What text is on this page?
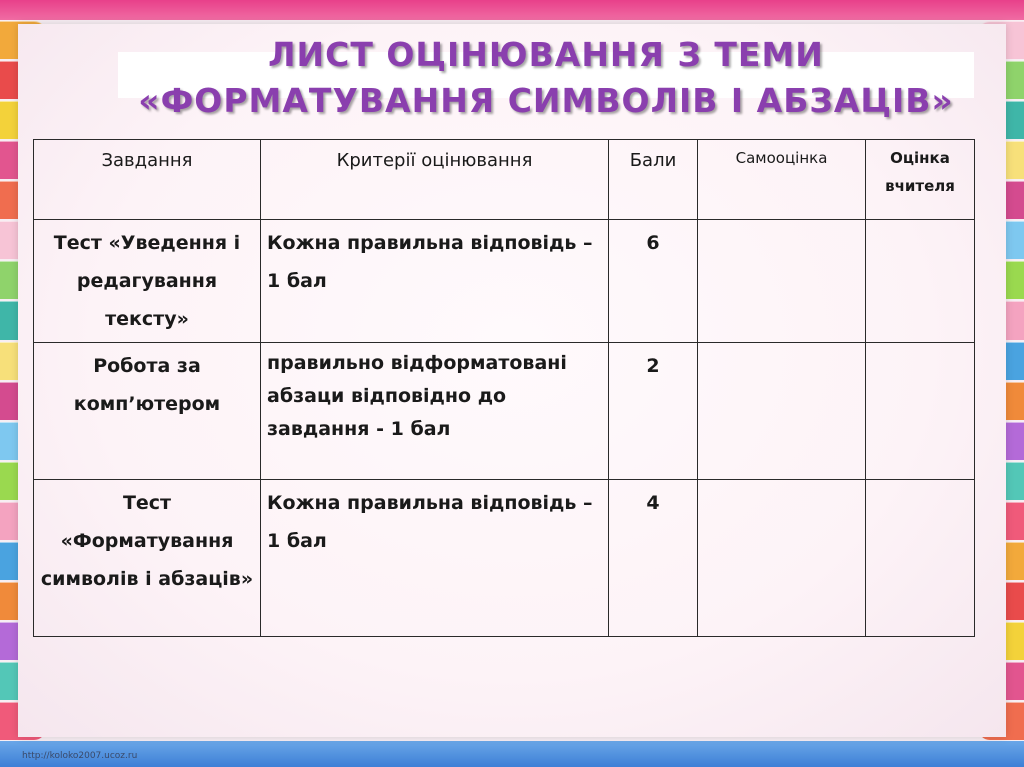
ЛИСТ ОЦІНЮВАННЯ З ТЕМИ
«ФОРМАТУВАННЯ СИМВОЛІВ І АБЗАЦІВ»
Завдання	Критерії оцінювання	Бали	Самооцінка	Оцінка вчителя
Тест «Уведення і редагування тексту»	Кожна правильна відповідь – 1 бал	6		
Робота за комп’ютером	правильно відформатовані абзаци відповідно до завдання - 1 бал	2		
Тест «Форматування символів і абзаців»	Кожна правильна відповідь – 1 бал	4		
http://koloko2007.ucoz.ru
